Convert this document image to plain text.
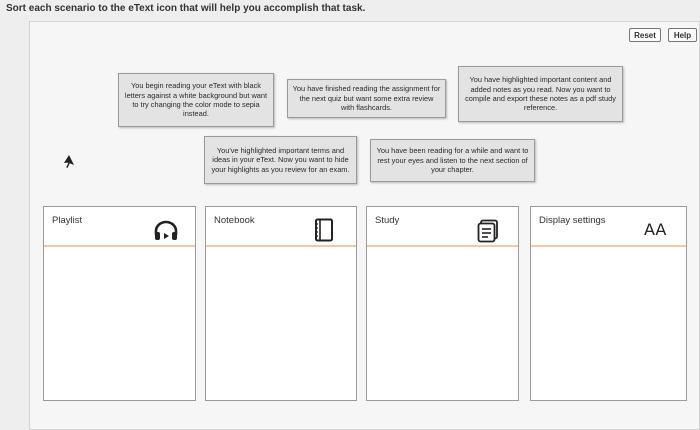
Sort each scenario to the eText icon that will help you accomplish that task.
Reset	Help
You begin reading your eText with black letters against a white background but want to try changing the color mode to sepia instead.
You have finished reading the assignment for the next quiz but want some extra review with flashcards.
You have highlighted important content and added notes as you read. Now you want to compile and export these notes as a pdf study reference.
You've highlighted important terms and ideas in your eText. Now you want to hide your highlights as you review for an exam.
You have been reading for a while and want to rest your eyes and listen to the next section of your chapter.
Playlist	Notebook	Study	Display settings AA
